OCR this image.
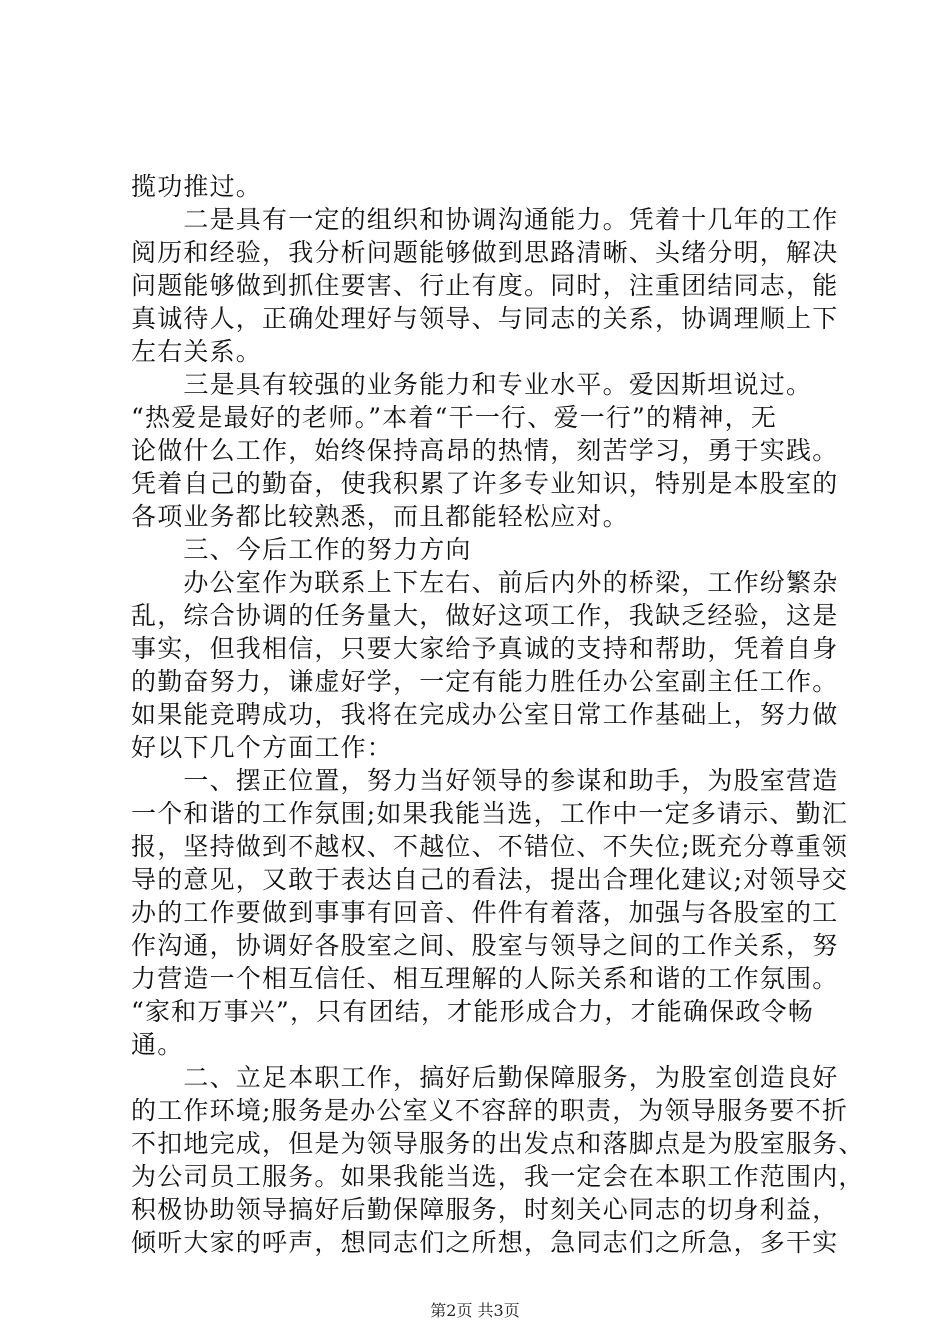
揽功推过。
　　二是具有一定的组织和协调沟通能力。凭着十几年的工作
阅历和经验，我分析问题能够做到思路清晰、头绪分明，解决
问题能够做到抓住要害、行止有度。同时，注重团结同志，能
真诚待人，正确处理好与领导、与同志的关系，协调理顺上下
左右关系。
　　三是具有较强的业务能力和专业水平。爱因斯坦说过。
“热爱是最好的老师。”本着“干一行、爱一行”的精神，无
论做什么工作，始终保持高昂的热情，刻苦学习，勇于实践。
凭着自己的勤奋，使我积累了许多专业知识，特别是本股室的
各项业务都比较熟悉，而且都能轻松应对。
　　三、今后工作的努力方向
　　办公室作为联系上下左右、前后内外的桥梁，工作纷繁杂
乱，综合协调的任务量大，做好这项工作，我缺乏经验，这是
事实，但我相信，只要大家给予真诚的支持和帮助，凭着自身
的勤奋努力，谦虚好学，一定有能力胜任办公室副主任工作。
如果能竞聘成功，我将在完成办公室日常工作基础上，努力做
好以下几个方面工作：
　　一、摆正位置，努力当好领导的参谋和助手，为股室营造
一个和谐的工作氛围;如果我能当选，工作中一定多请示、勤汇
报，坚持做到不越权、不越位、不错位、不失位;既充分尊重领
导的意见，又敢于表达自己的看法，提出合理化建议;对领导交
办的工作要做到事事有回音、件件有着落，加强与各股室的工
作沟通，协调好各股室之间、股室与领导之间的工作关系，努
力营造一个相互信任、相互理解的人际关系和谐的工作氛围。
“家和万事兴”，只有团结，才能形成合力，才能确保政令畅
通。
　　二、立足本职工作，搞好后勤保障服务，为股室创造良好
的工作环境;服务是办公室义不容辞的职责，为领导服务要不折
不扣地完成，但是为领导服务的出发点和落脚点是为股室服务、
为公司员工服务。如果我能当选，我一定会在本职工作范围内，
积极协助领导搞好后勤保障服务，时刻关心同志的切身利益，
倾听大家的呼声，想同志们之所想，急同志们之所急，多干实
第2页 共3页
